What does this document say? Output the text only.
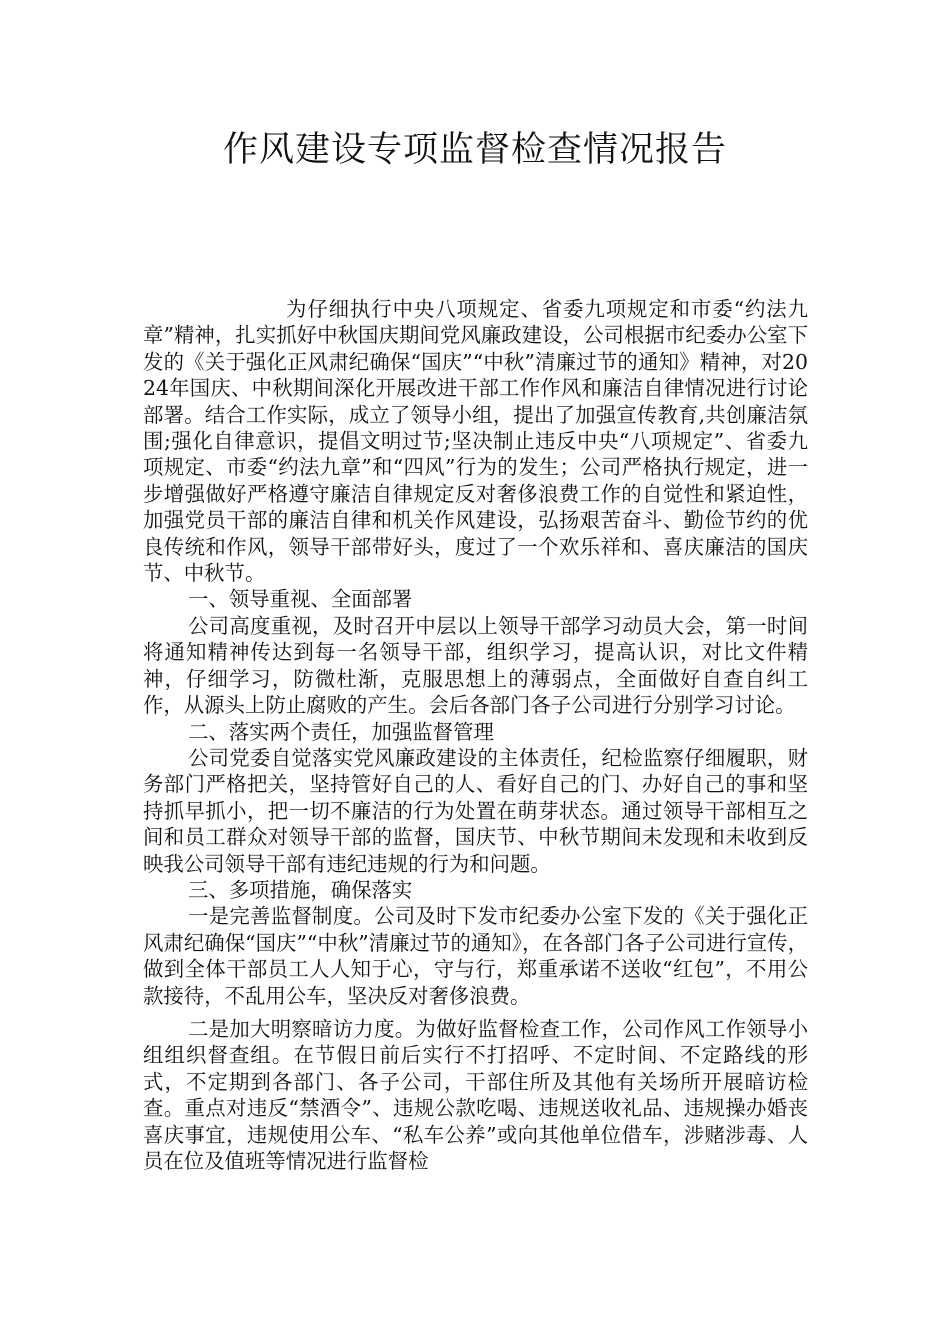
作风建设专项监督检查情况报告

为仔细执行中央八项规定、省委九项规定和市委“约法九章”精神，扎实抓好中秋国庆期间党风廉政建设，公司根据市纪委办公室下发的《关于强化正风肃纪确保“国庆”“中秋”清廉过节的通知》精神，对2024年国庆、中秋期间深化开展改进干部工作作风和廉洁自律情况进行讨论部署。结合工作实际，成立了领导小组，提出了加强宣传教育,共创廉洁氛围;强化自律意识，提倡文明过节;坚决制止违反中央“八项规定”、省委九项规定、市委“约法九章”和“四风”行为的发生；公司严格执行规定，进一步增强做好严格遵守廉洁自律规定反对奢侈浪费工作的自觉性和紧迫性，加强党员干部的廉洁自律和机关作风建设，弘扬艰苦奋斗、勤俭节约的优良传统和作风，领导干部带好头，度过了一个欢乐祥和、喜庆廉洁的国庆节、中秋节。

一、领导重视、全面部署

公司高度重视，及时召开中层以上领导干部学习动员大会，第一时间将通知精神传达到每一名领导干部，组织学习，提高认识，对比文件精神，仔细学习，防微杜渐，克服思想上的薄弱点，全面做好自查自纠工作，从源头上防止腐败的产生。会后各部门各子公司进行分别学习讨论。

二、落实两个责任，加强监督管理

公司党委自觉落实党风廉政建设的主体责任，纪检监察仔细履职，财务部门严格把关，坚持管好自己的人、看好自己的门、办好自己的事和坚持抓早抓小，把一切不廉洁的行为处置在萌芽状态。通过领导干部相互之间和员工群众对领导干部的监督，国庆节、中秋节期间未发现和未收到反映我公司领导干部有违纪违规的行为和问题。

三、多项措施，确保落实

一是完善监督制度。公司及时下发市纪委办公室下发的《关于强化正风肃纪确保“国庆”“中秋”清廉过节的通知》，在各部门各子公司进行宣传，做到全体干部员工人人知于心，守与行，郑重承诺不送收“红包”，不用公款接待，不乱用公车，坚决反对奢侈浪费。

二是加大明察暗访力度。为做好监督检查工作，公司作风工作领导小组组织督查组。在节假日前后实行不打招呼、不定时间、不定路线的形式，不定期到各部门、各子公司，干部住所及其他有关场所开展暗访检查。重点对违反“禁酒令”、违规公款吃喝、违规送收礼品、违规操办婚丧喜庆事宜，违规使用公车、“私车公养”或向其他单位借车，涉赌涉毒、人员在位及值班等情况进行监督检
